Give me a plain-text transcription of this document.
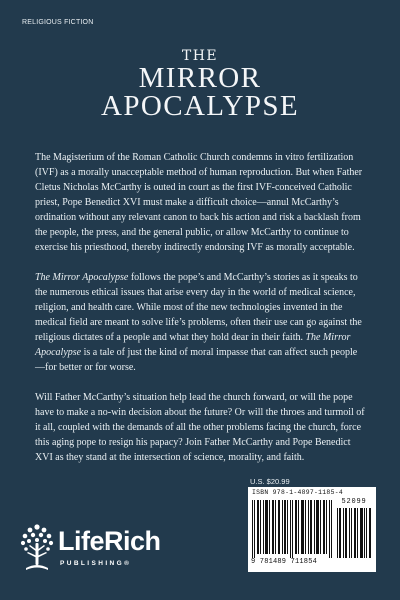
RELIGIOUS FICTION
THE
MIRROR
APOCALYPSE

The Magisterium of the Roman Catholic Church condemns in vitro fertilization (IVF) as a morally unacceptable method of human reproduction. But when Father Cletus Nicholas McCarthy is outed in court as the first IVF-conceived Catholic priest, Pope Benedict XVI must make a difficult choice—annul McCarthy’s ordination without any relevant canon to back his action and risk a backlash from the people, the press, and the general public, or allow McCarthy to continue to exercise his priesthood, thereby indirectly endorsing IVF as morally acceptable.

The Mirror Apocalypse follows the pope’s and McCarthy’s stories as it speaks to the numerous ethical issues that arise every day in the world of medical science, religion, and health care. While most of the new technologies invented in the medical field are meant to solve life’s problems, often their use can go against the religious dictates of a people and what they hold dear in their faith. The Mirror Apocalypse is a tale of just the kind of moral impasse that can affect such people—for better or for worse.

Will Father McCarthy’s situation help lead the church forward, or will the pope have to make a no-win decision about the future? Or will the throes and turmoil of it all, coupled with the demands of all the other problems facing the church, force this aging pope to resign his papacy? Join Father McCarthy and Pope Benedict XVI as they stand at the intersection of science, morality, and faith.

LifeRich
PUBLISHING®
U.S. $20.99
ISBN 978-1-4897-1185-4
52099
9 781489 711854
